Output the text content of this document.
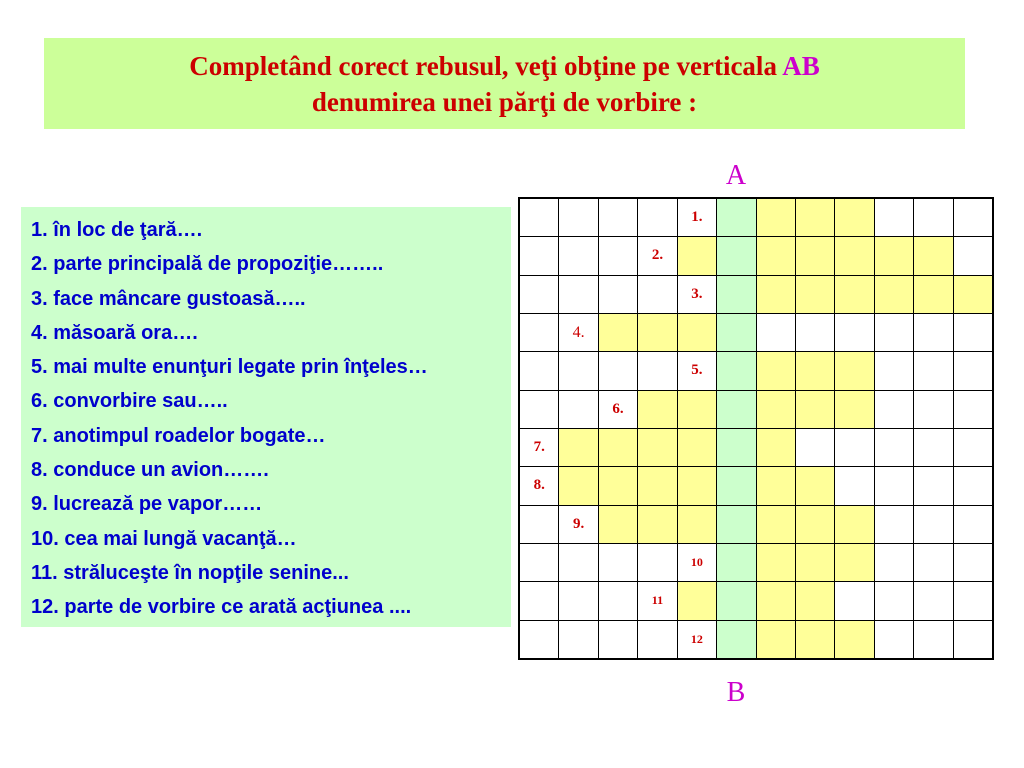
Completând corect rebusul, veţi obţine pe verticala AB
denumirea unei părţi de vorbire :
A
1. în loc de ţară….
2. parte principală de propoziţie……..
3. face mâncare gustoasă…..
4. măsoară ora….
5. mai multe enunţuri legate prin înţeles…
6. convorbire sau…..
7. anotimpul roadelor bogate…
8. conduce un avion…….
9. lucrează pe vapor……
10. cea mai lungă vacanţă…
11. străluceşte în nopţile senine...
12. parte de vorbire ce arată acţiunea ....
1.
2.
3.
4.
5.
6.
7.
8.
9.
10
11
12
B
